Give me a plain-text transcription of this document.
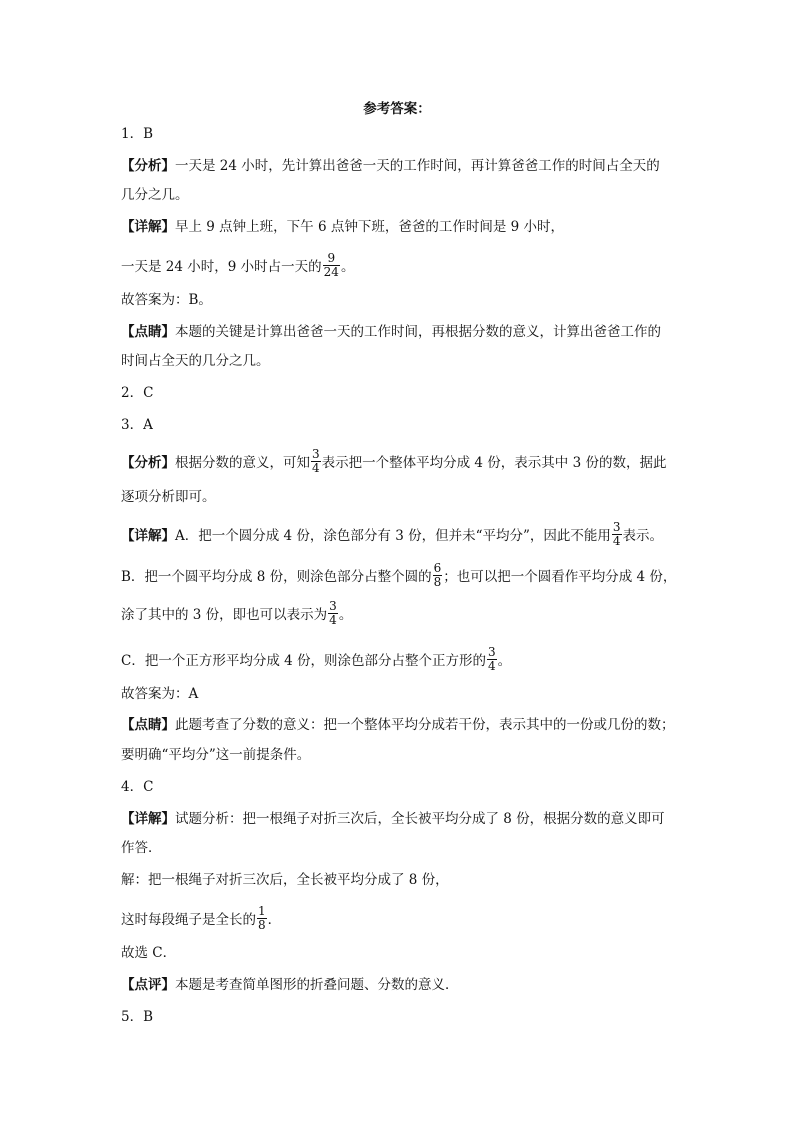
参考答案：
1．B
【分析】一天是 24 小时，先计算出爸爸一天的工作时间，再计算爸爸工作的时间占全天的
几分之几。
【详解】早上 9 点钟上班，下午 6 点钟下班，爸爸的工作时间是 9 小时，
一天是 24 小时，9 小时占一天的 $\frac{9}{24}$ 。
故答案为：B。
【点睛】本题的关键是计算出爸爸一天的工作时间，再根据分数的意义，计算出爸爸工作的
时间占全天的几分之几。
2．C
3．A
【分析】根据分数的意义，可知 $\frac{3}{4}$ 表示把一个整体平均分成 4 份，表示其中 3 份的数，据此
逐项分析即可。
【详解】A．把一个圆分成 4 份，涂色部分有 3 份，但并未“平均分”，因此不能用 $\frac{3}{4}$ 表示。
B．把一个圆平均分成 8 份，则涂色部分占整个圆的 $\frac{6}{8}$ ；也可以把一个圆看作平均分成 4 份，
涂了其中的 3 份，即也可以表示为 $\frac{3}{4}$ 。
C．把一个正方形平均分成 4 份，则涂色部分占整个正方形的 $\frac{3}{4}$ 。
故答案为：A
【点睛】此题考查了分数的意义：把一个整体平均分成若干份，表示其中的一份或几份的数；
要明确“平均分”这一前提条件。
4．C
【详解】试题分析：把一根绳子对折三次后，全长被平均分成了 8 份，根据分数的意义即可
作答．
解：把一根绳子对折三次后，全长被平均分成了 8 份，
这时每段绳子是全长的 $\frac{1}{8}$ ．
故选 C．
【点评】本题是考查简单图形的折叠问题、分数的意义．
5．B
